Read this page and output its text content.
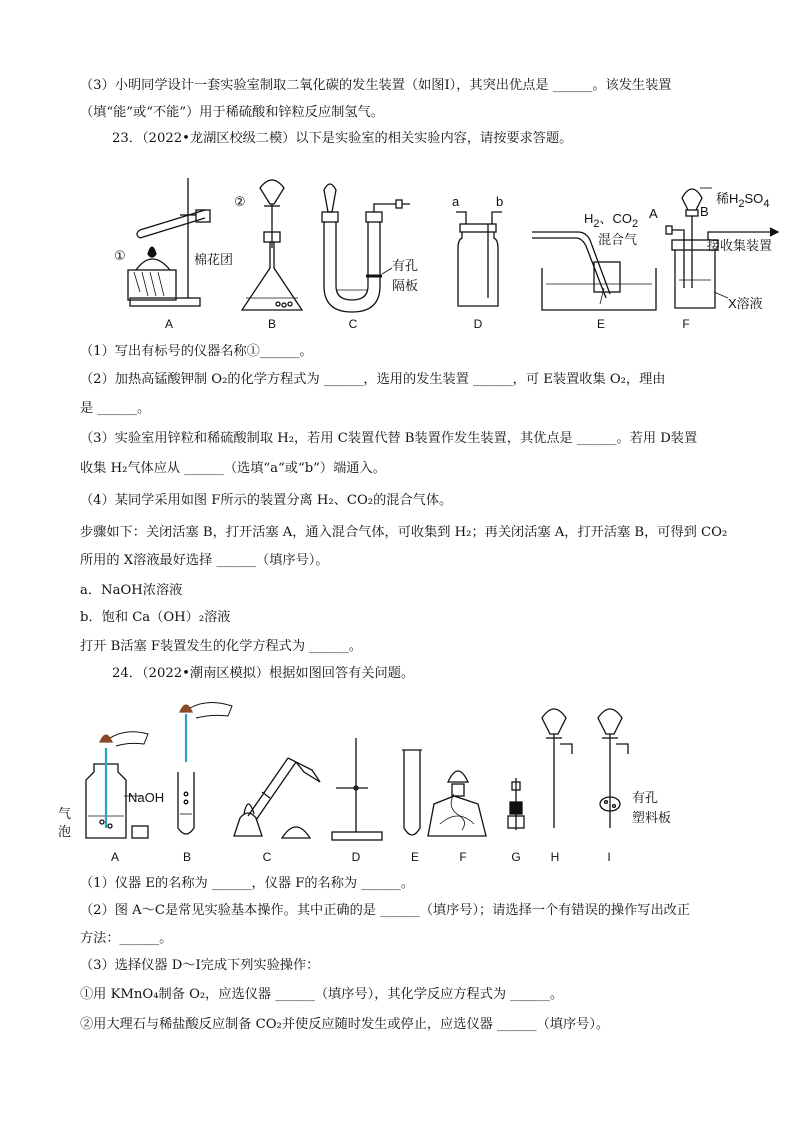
（3）小明同学设计一套实验室制取二氧化碳的发生装置（如图Ⅰ），其突出优点是 ______。该发生装置
（填“能”或“不能”）用于稀硫酸和锌粒反应制氢气。
23．（2022•龙湖区校级二模）以下是实验室的相关实验内容，请按要求答题。
①
②
棉花团	有孔
隔板
a	b
$H_2$、$CO_2$
混合气
A	B
稀$H_2SO_4$
接收集装置
X溶液
A	B	C	D	E	F
（1）写出有标号的仪器名称①______。
（2）加热高锰酸钾制 O₂的化学方程式为 ______，选用的发生装置 ______，可 E装置收集 O₂，理由
是 ______。
（3）实验室用锌粒和稀硫酸制取 H₂，若用 C装置代替 B装置作发生装置，其优点是 ______。若用 D装置
收集 H₂气体应从 ______（选填“a“或“b”）端通入。
（4）某同学采用如图 F所示的装置分离 H₂、CO₂的混合气体。
步骤如下：关闭活塞 B，打开活塞 A，通入混合气体，可收集到 H₂；再关闭活塞 A，打开活塞 B，可得到 CO₂
所用的 X溶液最好选择 ______（填序号）。
a．NaOH浓溶液
b．饱和 Ca（OH）₂溶液
打开 B活塞 F装置发生的化学方程式为 ______。
24．（2022•潮南区模拟）根据如图回答有关问题。
NaOH
气
泡
有孔
塑料板
A	B	C	D	E	F	G	H	I
（1）仪器 E的名称为 ______，仪器 F的名称为 ______。
（2）图 A～C是常见实验基本操作。其中正确的是 ______（填序号）；请选择一个有错误的操作写出改正
方法：______。
（3）选择仪器 D～I完成下列实验操作：
①用 KMnO₄制备 O₂，应选仪器 ______（填序号），其化学反应方程式为 ______。
②用大理石与稀盐酸反应制备 CO₂并使反应随时发生或停止，应选仪器 ______（填序号）。
